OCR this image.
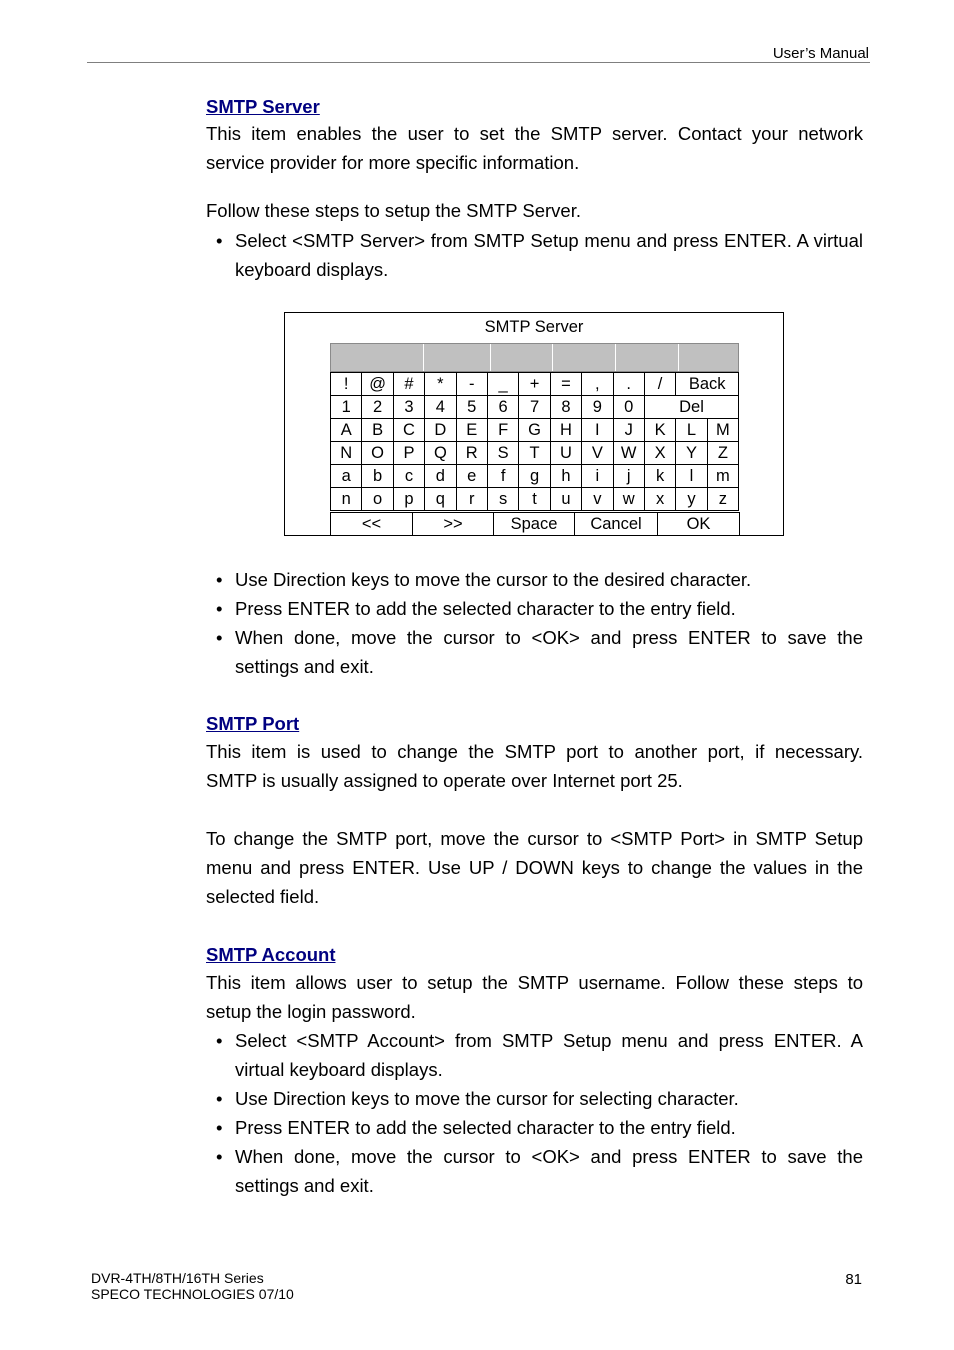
User’s Manual
SMTP Server
This item enables the user to set the SMTP server. Contact your network
service provider for more specific information.
Follow these steps to setup the SMTP Server.
• Select <SMTP Server> from SMTP Setup menu and press ENTER. A virtual keyboard displays.
SMTP Server
!	@	#	*	-	_	+	=	,	.	/	Back	
1	2	3	4	5	6	7	8	9	0	Del		
A	B	C	D	E	F	G	H	I	J	K	L	M
N	O	P	Q	R	S	T	U	V	W	X	Y	Z
a	b	c	d	e	f	g	h	i	j	k	l	m
n	o	p	q	r	s	t	u	v	w	x	y	z
<<	>>	Space	Cancel	OK
• Use Direction keys to move the cursor to the desired character.
• Press ENTER to add the selected character to the entry field.
• When done, move the cursor to <OK> and press ENTER to save the settings and exit.
SMTP Port
This item is used to change the SMTP port to another port, if necessary.
SMTP is usually assigned to operate over Internet port 25.
To change the SMTP port, move the cursor to <SMTP Port> in SMTP Setup
menu and press ENTER. Use UP / DOWN keys to change the values in the
selected field.
SMTP Account
This item allows user to setup the SMTP username. Follow these steps to
setup the login password.
• Select <SMTP Account> from SMTP Setup menu and press ENTER. A virtual keyboard displays.
• Use Direction keys to move the cursor for selecting character.
• Press ENTER to add the selected character to the entry field.
• When done, move the cursor to <OK> and press ENTER to save the settings and exit.
DVR-4TH/8TH/16TH Series
SPECO TECHNOLOGIES 07/10
81
